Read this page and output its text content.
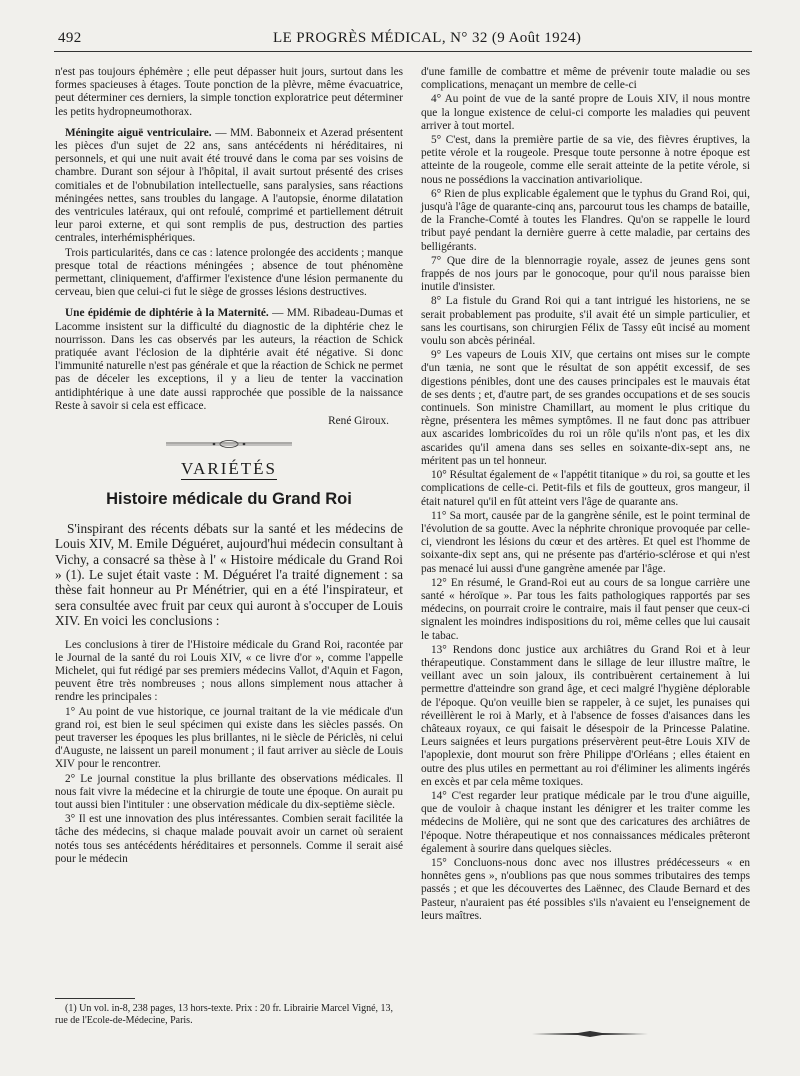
492	LE PROGRÈS MÉDICAL, N° 32 (9 Août 1924)

n'est pas toujours éphémère ; elle peut dépasser huit jours, surtout dans les formes spacieuses à étages. Toute ponction de la plèvre, même évacuatrice, peut déterminer ces derniers, la simple tonction exploratrice peut déterminer les petits hydropneumothorax.

Méningite aiguë ventriculaire. — MM. Babonneix et Azerad présentent les pièces d'un sujet de 22 ans, sans antécédents ni héréditaires, ni personnels, et qui une nuit avait été trouvé dans le coma par ses voisins de chambre. Durant son séjour à l'hôpital, il avait surtout présenté des crises comitiales et de l'obnubilation intellectuelle, sans paralysies, sans réactions méningées nettes, sans troubles du langage. A l'autopsie, énorme dilatation des ventricules latéraux, qui ont refoulé, comprimé et partiellement détruit leur paroi externe, et qui sont remplis de pus, destruction des parties centrales, interhémisphériques.

Trois particularités, dans ce cas : latence prolongée des accidents ; manque presque total de réactions méningées ; absence de tout phénomène permettant, cliniquement, d'affirmer l'existence d'une lésion permanente du cerveau, bien que celui-ci fut le siège de grosses lésions destructives.

Une épidémie de diphtérie à la Maternité. — MM. Ribadeau-Dumas et Lacomme insistent sur la difficulté du diagnostic de la diphtérie chez le nourrisson. Dans les cas observés par les auteurs, la réaction de Schick pratiquée avant l'éclosion de la diphtérie avait été négative. Si donc l'immunité naturelle n'est pas générale et que la réaction de Schick ne permet pas de déceler les exceptions, il y a lieu de tenter la vaccination antidiphtérique à une date aussi rapprochée que possible de la naissance Reste à savoir si cela est efficace.

René Giroux.
VARIÉTÉS
Histoire médicale du Grand Roi

S'inspirant des récents débats sur la santé et les médecins de Louis XIV, M. Emile Déguéret, aujourd'hui médecin consultant à Vichy, a consacré sa thèse à l' « Histoire médicale du Grand Roi » (1). Le sujet était vaste : M. Déguéret l'a traité dignement : sa thèse fait honneur au Pr Ménétrier, qui en a été l'inspirateur, et sera consultée avec fruit par ceux qui auront à s'occuper de Louis XIV. En voici les conclusions :

Les conclusions à tirer de l'Histoire médicale du Grand Roi, racontée par le Journal de la santé du roi Louis XIV, « ce livre d'or », comme l'appelle Michelet, qui fut rédigé par ses premiers médecins Vallot, d'Aquin et Fagon, peuvent être très nombreuses ; nous allons simplement nous attacher à rendre les principales :

1° Au point de vue historique, ce journal traitant de la vie médicale d'un grand roi, est bien le seul spécimen qui existe dans les siècles passés. On peut traverser les époques les plus brillantes, ni le siècle de Périclès, ni celui d'Auguste, ne laissent un pareil monument ; il faut arriver au siècle de Louis XIV pour le rencontrer.

2° Le journal constitue la plus brillante des observations médicales. Il nous fait vivre la médecine et la chirurgie de toute une époque. On aurait pu tout aussi bien l'intituler : une observation médicale du dix-septième siècle.

3° Il est une innovation des plus intéressantes. Combien serait facilitée la tâche des médecins, si chaque malade pouvait avoir un carnet où seraient notés tous ses antécédents héréditaires et personnels. Comme il serait aisé pour le médecin

d'une famille de combattre et même de prévenir toute maladie ou ses complications, menaçant un membre de celle-ci

4° Au point de vue de la santé propre de Louis XIV, il nous montre que la longue existence de celui-ci comporte les maladies qui peuvent arriver à tout mortel.

5° C'est, dans la première partie de sa vie, des fièvres éruptives, la petite vérole et la rougeole. Presque toute personne à notre époque est atteinte de la rougeole, comme elle serait atteinte de la petite vérole, si nous ne possédions la vaccination antivariolique.

6° Rien de plus explicable également que le typhus du Grand Roi, qui, jusqu'à l'âge de quarante-cinq ans, parcourut tous les champs de bataille, de la Franche-Comté à toutes les Flandres. Qu'on se rappelle le lourd tribut payé pendant la dernière guerre à cette maladie, par certains des belligérants.

7° Que dire de la blennorragie royale, assez de jeunes gens sont frappés de nos jours par le gonocoque, pour qu'il nous paraisse bien inutile d'insister.

8° La fistule du Grand Roi qui a tant intrigué les historiens, ne se serait probablement pas produite, s'il avait été un simple particulier, et sans les courtisans, son chirurgien Félix de Tassy eût incisé au moment voulu son abcès périnéal.

9° Les vapeurs de Louis XIV, que certains ont mises sur le compte d'un tænia, ne sont que le résultat de son appétit excessif, de ses digestions pénibles, dont une des causes principales est le mauvais état de ses dents ; et, d'autre part, de ses grandes occupations et de ses soucis continuels. Son ministre Chamillart, au moment le plus critique du règne, présentera les mêmes symptômes. Il ne faut donc pas attribuer aux ascarides lombricoïdes du roi un rôle qu'ils n'ont pas, et les dix ascarides qu'il amena dans ses selles en soixante-dix-sept ans, ne méritent pas un tel honneur.

10° Résultat également de « l'appétit titanique » du roi, sa goutte et les complications de celle-ci. Petit-fils et fils de goutteux, gros mangeur, il était naturel qu'il en fût atteint vers l'âge de quarante ans.

11° Sa mort, causée par de la gangrène sénile, est le point terminal de l'évolution de sa goutte. Avec la néphrite chronique provoquée par celle-ci, viendront les lésions du cœur et des artères. Et quel est l'homme de soixante-dix sept ans, qui ne présente pas d'artério-sclérose et qui n'est pas menacé lui aussi d'une gangrène amenée par l'âge.

12° En résumé, le Grand-Roi eut au cours de sa longue carrière une santé « héroïque ». Par tous les faits pathologiques rapportés par ses médecins, on pourrait croire le contraire, mais il faut penser que ceux-ci signalent les moindres indispositions du roi, même celles que lui causait le tabac.

13° Rendons donc justice aux archiâtres du Grand Roi et à leur thérapeutique. Constamment dans le sillage de leur illustre maître, le veillant avec un soin jaloux, ils contribuèrent certainement à lui permettre d'atteindre son grand âge, et ceci malgré l'hygiène déplorable de l'époque. Qu'on veuille bien se rappeler, à ce sujet, les punaises qui réveillèrent le roi à Marly, et à l'absence de fosses d'aisances dans les châteaux royaux, ce qui faisait le désespoir de la Princesse Palatine. Leurs saignées et leurs purgations préservèrent peut-être Louis XIV de l'apoplexie, dont mourut son frère Philippe d'Orléans ; elles étaient en outre des plus utiles en permettant au roi d'éliminer les aliments ingérés en excès et par cela même toxiques.

14° C'est regarder leur pratique médicale par le trou d'une aiguille, que de vouloir à chaque instant les dénigrer et les traiter comme les médecins de Molière, qui ne sont que des caricatures des archiâtres de l'époque. Notre thérapeutique et nos connaissances médicales prêteront également à sourire dans quelques siècles.

15° Concluons-nous donc avec nos illustres prédécesseurs « en honnêtes gens », n'oublions pas que nous sommes tributaires des temps passés ; et que les découvertes des Laënnec, des Claude Bernard et des Pasteur, n'auraient pas été possibles s'ils n'avaient eu l'enseignement de leurs maîtres.

(1) Un vol. in-8, 238 pages, 13 hors-texte. Prix : 20 fr. Librairie Marcel Vigné, 13, rue de l'Ecole-de-Médecine, Paris.
